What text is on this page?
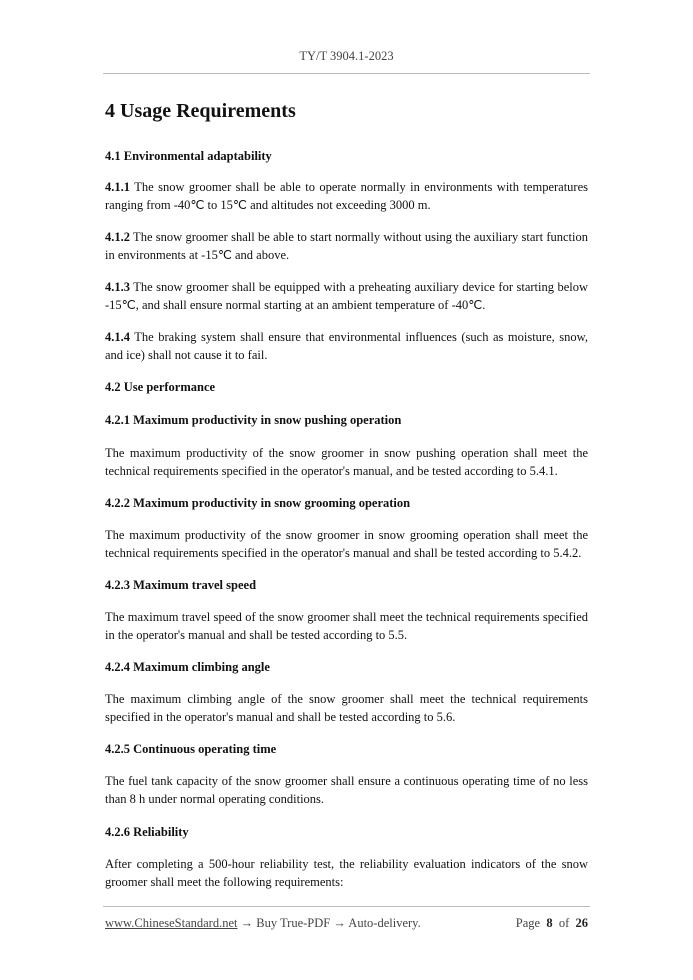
TY/T 3904.1-2023
4 Usage Requirements
4.1 Environmental adaptability
4.1.1 The snow groomer shall be able to operate normally in environments with temperatures ranging from -40℃ to 15℃ and altitudes not exceeding 3000 m.
4.1.2 The snow groomer shall be able to start normally without using the auxiliary start function in environments at -15℃ and above.
4.1.3 The snow groomer shall be equipped with a preheating auxiliary device for starting below -15℃, and shall ensure normal starting at an ambient temperature of -40℃.
4.1.4 The braking system shall ensure that environmental influences (such as moisture, snow, and ice) shall not cause it to fail.
4.2 Use performance
4.2.1 Maximum productivity in snow pushing operation
The maximum productivity of the snow groomer in snow pushing operation shall meet the technical requirements specified in the operator's manual, and be tested according to 5.4.1.
4.2.2 Maximum productivity in snow grooming operation
The maximum productivity of the snow groomer in snow grooming operation shall meet the technical requirements specified in the operator's manual and shall be tested according to 5.4.2.
4.2.3 Maximum travel speed
The maximum travel speed of the snow groomer shall meet the technical requirements specified in the operator's manual and shall be tested according to 5.5.
4.2.4 Maximum climbing angle
The maximum climbing angle of the snow groomer shall meet the technical requirements specified in the operator's manual and shall be tested according to 5.6.
4.2.5 Continuous operating time
The fuel tank capacity of the snow groomer shall ensure a continuous operating time of no less than 8 h under normal operating conditions.
4.2.6 Reliability
After completing a 500-hour reliability test, the reliability evaluation indicators of the snow groomer shall meet the following requirements:
www.ChineseStandard.net → Buy True-PDF → Auto-delivery.	Page 8 of 26
